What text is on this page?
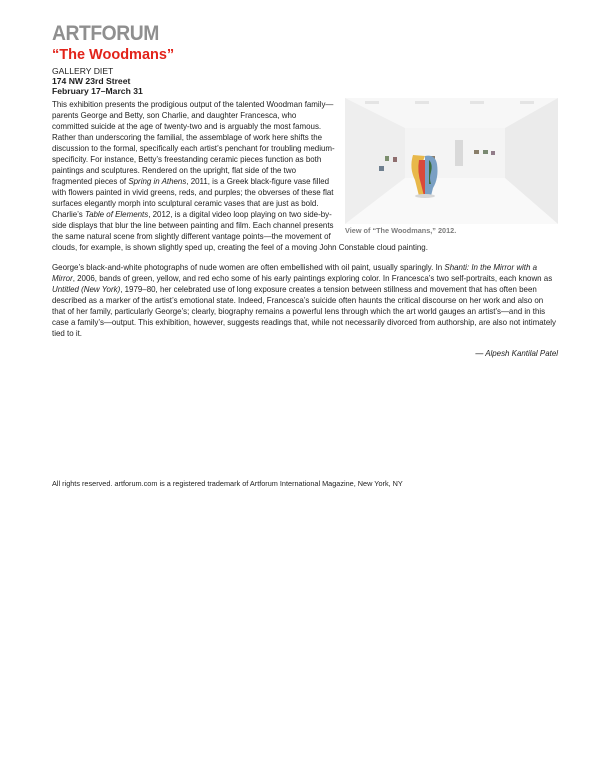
ARTFORUM
“The Woodmans”
GALLERY DIET
174 NW 23rd Street
February 17–March 31
View of “The Woodmans,” 2012.

This exhibition presents the prodigious output of the talented Woodman family—parents George and Betty, son Charlie, and daughter Francesca, who committed suicide at the age of twenty-two and is arguably the most famous. Rather than underscoring the familial, the assemblage of work here shifts the discussion to the formal, specifically each artist’s penchant for troubling medium-specificity. For instance, Betty’s freestanding ceramic pieces function as both paintings and sculptures. Rendered on the upright, flat side of the two fragmented pieces of Spring in Athens, 2011, is a Greek black-figure vase filled with flowers painted in vivid greens, reds, and purples; the obverses of these flat surfaces elegantly morph into sculptural ceramic vases that are just as bold. Charlie’s Table of Elements, 2012, is a digital video loop playing on two side-by-side displays that blur the line between painting and film. Each channel presents the same natural scene from slightly different vantage points—the movement of clouds, for example, is shown slightly sped up, creating the feel of a moving John Constable cloud painting.

George’s black-and-white photographs of nude women are often embellished with oil paint, usually sparingly. In Shanti: In the Mirror with a Mirror, 2006, bands of green, yellow, and red echo some of his early paintings exploring color. In Francesca’s two self-portraits, each known as Untitled (New York), 1979–80, her celebrated use of long exposure creates a tension between stillness and movement that has often been described as a marker of the artist’s emotional state. Indeed, Francesca’s suicide often haunts the critical discourse on her work and also on that of her family, particularly George’s; clearly, biography remains a powerful lens through which the art world gauges an artist’s—and in this case a family’s—output. This exhibition, however, suggests readings that, while not necessarily divorced from authorship, are also not intimately tied to it.

— Alpesh Kantilal Patel
All rights reserved. artforum.com is a registered trademark of Artforum International Magazine, New York, NY
